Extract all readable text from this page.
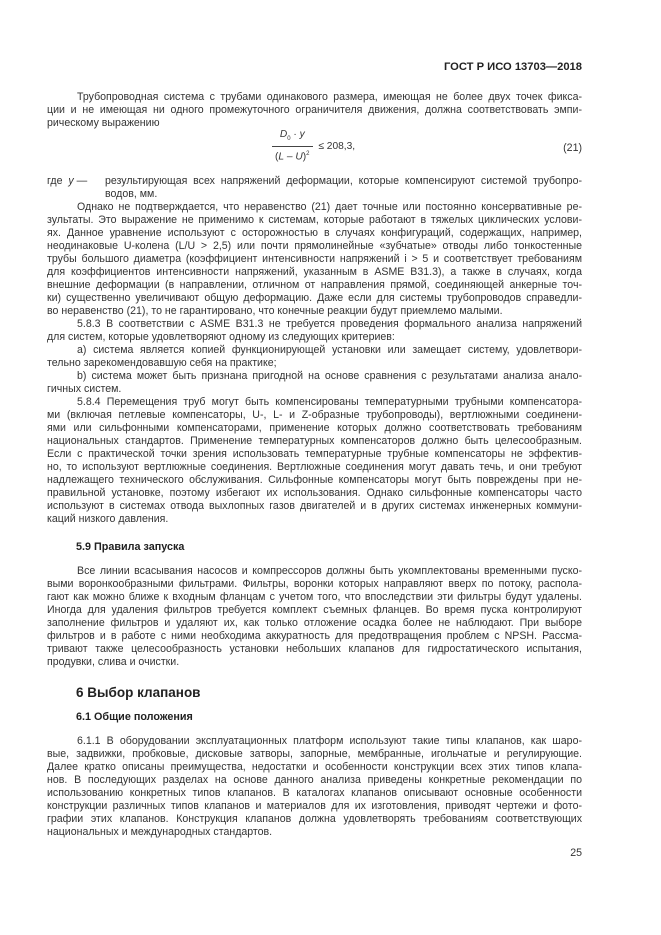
ГОСТ Р ИСО 13703—2018
Трубопроводная система с трубами одинакового размера, имеющая не более двух точек фикса-
ции и не имеющая ни одного промежуточного ограничителя движения, должна соответствовать эмпи-
рическому выражению
$\frac{D_0 \cdot y}{(L - U)^2} \le 208,3$,	(21)
где  y — результирующая всех напряжений деформации, которые компенсируют системой трубопро-
водов, мм.
Однако не подтверждается, что неравенство (21) дает точные или постоянно консервативные ре-
зультаты. Это выражение не применимо к системам, которые работают в тяжелых циклических услови-
ях. Данное уравнение используют с осторожностью в случаях конфигураций, содержащих, например,
неодинаковые U-колена (L/U > 2,5) или почти прямолинейные «зубчатые» отводы либо тонкостенные
трубы большого диаметра (коэффициент интенсивности напряжений i > 5 и соответствует требованиям
для коэффициентов интенсивности напряжений, указанным в ASME B31.3), а также в случаях, когда
внешние деформации (в направлении, отличном от направления прямой, соединяющей анкерные точ-
ки) существенно увеличивают общую деформацию. Даже если для системы трубопроводов справедли-
во неравенство (21), то не гарантировано, что конечные реакции будут приемлемо малыми.
5.8.3 В соответствии с ASME B31.3 не требуется проведения формального анализа напряжений
для систем, которые удовлетворяют одному из следующих критериев:
a) система является копией функционирующей установки или замещает систему, удовлетвори-
тельно зарекомендовавшую себя на практике;
b) система может быть признана пригодной на основе сравнения с результатами анализа анало-
гичных систем.
5.8.4 Перемещения труб могут быть компенсированы температурными трубными компенсатора-
ми (включая петлевые компенсаторы, U-, L- и Z-образные трубопроводы), вертлюжными соединени-
ями или сильфонными компенсаторами, применение которых должно соответствовать требованиям
национальных стандартов. Применение температурных компенсаторов должно быть целесообразным.
Если с практической точки зрения использовать температурные трубные компенсаторы не эффектив-
но, то используют вертлюжные соединения. Вертлюжные соединения могут давать течь, и они требуют
надлежащего технического обслуживания. Сильфонные компенсаторы могут быть повреждены при не-
правильной установке, поэтому избегают их использования. Однако сильфонные компенсаторы часто
используют в системах отвода выхлопных газов двигателей и в других системах инженерных коммуни-
каций низкого давления.
5.9 Правила запуска
Все линии всасывания насосов и компрессоров должны быть укомплектованы временными пуско-
выми воронкообразными фильтрами. Фильтры, воронки которых направляют вверх по потоку, распола-
гают как можно ближе к входным фланцам с учетом того, что впоследствии эти фильтры будут удалены.
Иногда для удаления фильтров требуется комплект съемных фланцев. Во время пуска контролируют
заполнение фильтров и удаляют их, как только отложение осадка более не наблюдают. При выборе
фильтров и в работе с ними необходима аккуратность для предотвращения проблем с NPSH. Рассма-
тривают также целесообразность установки небольших клапанов для гидростатического испытания,
продувки, слива и очистки.
6 Выбор клапанов
6.1 Общие положения
6.1.1 В оборудовании эксплуатационных платформ используют такие типы клапанов, как шаро-
вые, задвижки, пробковые, дисковые затворы, запорные, мембранные, игольчатые и регулирующие.
Далее кратко описаны преимущества, недостатки и особенности конструкции всех этих типов клапа-
нов. В последующих разделах на основе данного анализа приведены конкретные рекомендации по
использованию конкретных типов клапанов. В каталогах клапанов описывают основные особенности
конструкции различных типов клапанов и материалов для их изготовления, приводят чертежи и фото-
графии этих клапанов. Конструкция клапанов должна удовлетворять требованиям соответствующих
национальных и международных стандартов.
25
